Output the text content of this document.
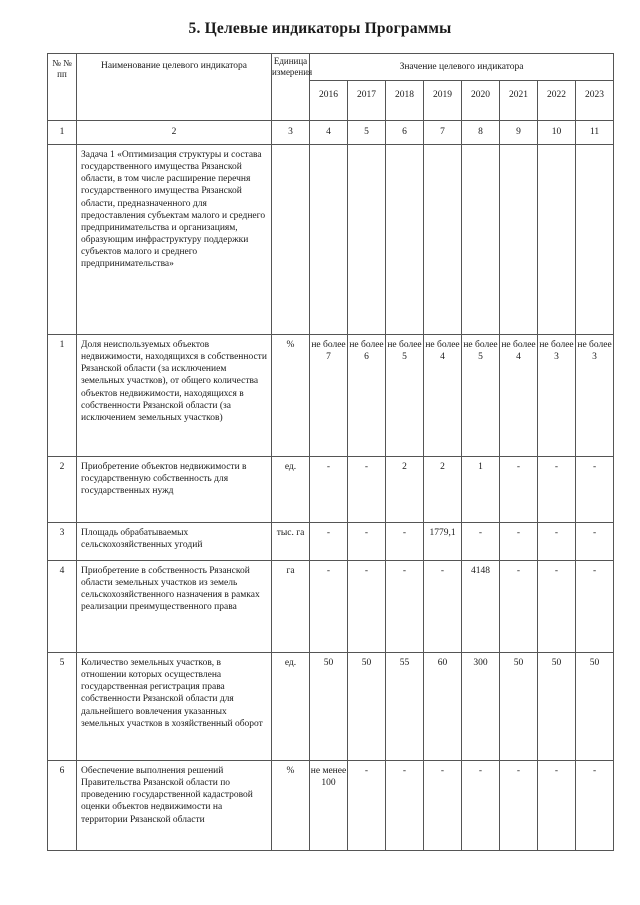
5. Целевые индикаторы Программы
№ № пп	Наименование целевого индикатора	Единица измерения	Значение целевого индикатора							
			2016	2017	2018	2019	2020	2021	2022	2023
1	2	3	4	5	6	7	8	9	10	11
	Задача 1 «Оптимизация структуры и состава государственного имущества Рязанской области, в том числе расширение перечня государственного имущества Рязанской области, предназначенного для предоставления субъектам малого и среднего предпринимательства и организациям, образующим инфраструктуру поддержки субъектов малого и среднего предпринимательства»									
1	Доля неиспользуемых объектов недвижимости, находящихся в собственности Рязанской области (за исключением земельных участков), от общего количества объектов недвижимости, находящихся в собственности Рязанской области (за исключением земельных участков)	%	не более 7	не более 6	не более 5	не более 4	не более 5	не более 4	не более 3	не более 3
2	Приобретение объектов недвижимости в государственную собственность для государственных нужд	ед.	-	-	2	2	1	-	-	-
3	Площадь обрабатываемых сельскохозяйственных угодий	тыс. га	-	-	-	1779,1	-	-	-	-
4	Приобретение в собственность Рязанской области земельных участков из земель сельскохозяйственного назначения в рамках реализации преимущественного права	га	-	-	-	-	4148	-	-	-
5	Количество земельных участков, в отношении которых осуществлена государственная регистрация права собственности Рязанской области для дальнейшего вовлечения указанных земельных участков в хозяйственный оборот	ед.	50	50	55	60	300	50	50	50
6	Обеспечение выполнения решений Правительства Рязанской области по проведению государственной кадастровой оценки объектов недвижимости на территории Рязанской области	%	не менее 100	-	-	-	-	-	-	-
